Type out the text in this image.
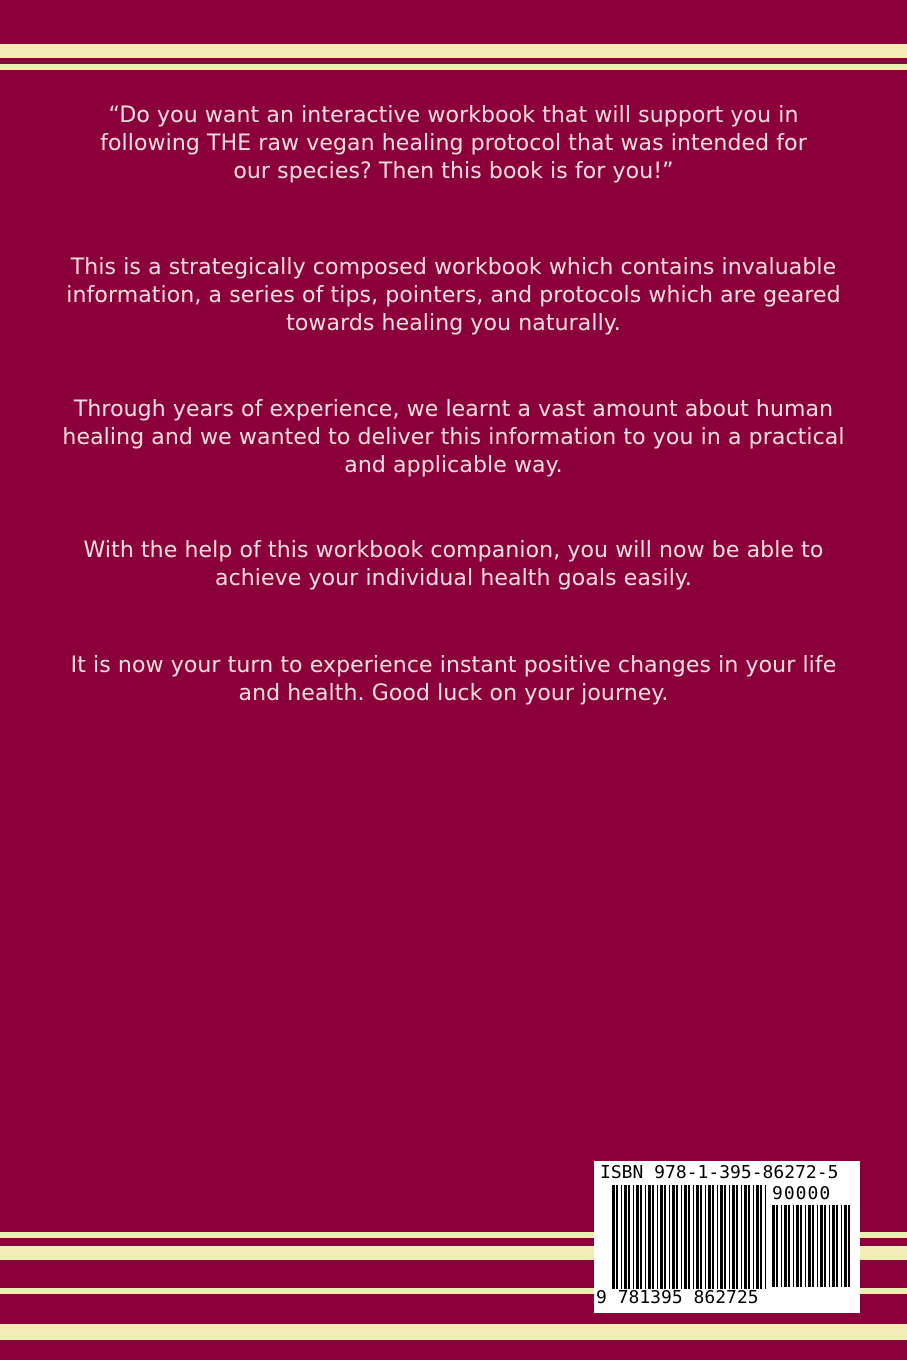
“Do you want an interactive workbook that will support you in
following THE raw vegan healing protocol that was intended for
our species? Then this book is for you!”
This is a strategically composed workbook which contains invaluable
information, a series of tips, pointers, and protocols which are geared
towards healing you naturally.
Through years of experience, we learnt a vast amount about human
healing and we wanted to deliver this information to you in a practical
and applicable way.
With the help of this workbook companion, you will now be able to
achieve your individual health goals easily.
It is now your turn to experience instant positive changes in your life
and health. Good luck on your journey.
ISBN 978-1-395-86272-5
90000
9 781395 862725
